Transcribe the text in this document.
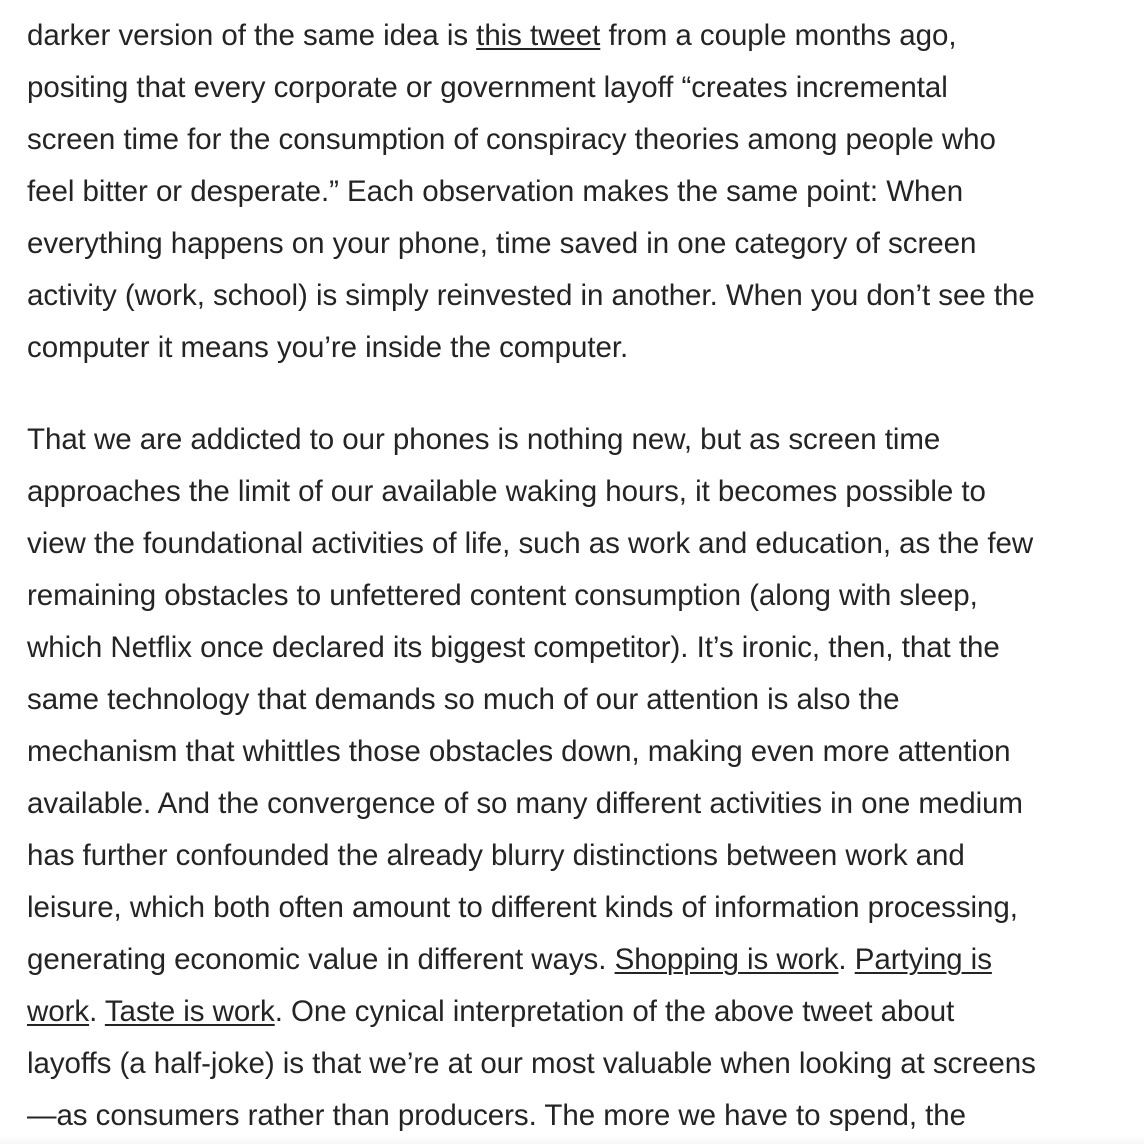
darker version of the same idea is this tweet from a couple months ago,

positing that every corporate or government layoff “creates incremental

screen time for the consumption of conspiracy theories among people who

feel bitter or desperate.” Each observation makes the same point: When

everything happens on your phone, time saved in one category of screen

activity (work, school) is simply reinvested in another. When you don’t see the

computer it means you’re inside the computer.

That we are addicted to our phones is nothing new, but as screen time

approaches the limit of our available waking hours, it becomes possible to

view the foundational activities of life, such as work and education, as the few

remaining obstacles to unfettered content consumption (along with sleep,

which Netflix once declared its biggest competitor). It’s ironic, then, that the

same technology that demands so much of our attention is also the

mechanism that whittles those obstacles down, making even more attention

available. And the convergence of so many different activities in one medium

has further confounded the already blurry distinctions between work and

leisure, which both often amount to different kinds of information processing,

generating economic value in different ways. Shopping is work. Partying is

work. Taste is work. One cynical interpretation of the above tweet about

layoffs (a half-joke) is that we’re at our most valuable when looking at screens

—as consumers rather than producers. The more we have to spend, the
